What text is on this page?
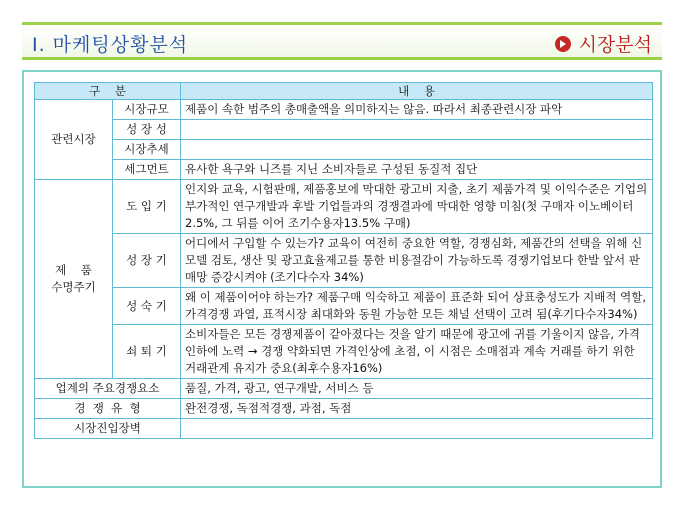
Ⅰ. 마케팅상황분석	시장분석
구    분		내    용
관련시장	시장규모	제품이 속한 범주의 총매출액을 의미하지는 않음. 따라서 최종관련시장 파악
	성 장 성	
	시장추세	
	세그먼트	유사한 욕구와 니즈를 지닌 소비자들로 구성된 동질적 집단

제    품
수명주기	도 입 기	인지와 교육, 시험판매, 제품홍보에 막대한 광고비 지출, 초기 제품가격 및 이익수준은 기업의 부가적인 연구개발과 후발 기업들과의 경쟁결과에 막대한 영향 미침(첫 구매자 이노베이터2.5%, 그 뒤를 이어 조기수용자13.5% 구매)
	성 장 기	어디에서 구입할 수 있는가? 교육이 여전히 중요한 역할, 경쟁심화, 제품간의 선택을 위해 신모델 검토, 생산 및 광고효율제고를 통한 비용절감이 가능하도록 경쟁기업보다 한발 앞서 판매망 증강시켜야 (조기다수자 34%)
	성 숙 기	왜 이 제품이어야 하는가? 제품구매 익숙하고 제품이 표준화 되어 상표충성도가 지배적 역할, 가격경쟁 과열, 표적시장 최대화와 동원 가능한 모든 채널 선택이 고려 됨(후기다수자34%)
	쇠 퇴 기	소비자들은 모든 경쟁제품이 같아졌다는 것을 알기 때문에 광고에 귀를 기울이지 않음, 가격인하에 노력 → 경쟁 약화되면 가격인상에 초점, 이 시점은 소매점과 계속 거래를 하기 위한 거래관계 유지가 중요(최후수용자16%)
업계의 주요경쟁요소		품질, 가격, 광고, 연구개발, 서비스 등
경  쟁  유  형		완전경쟁, 독점적경쟁, 과점, 독점
시장진입장벽		
